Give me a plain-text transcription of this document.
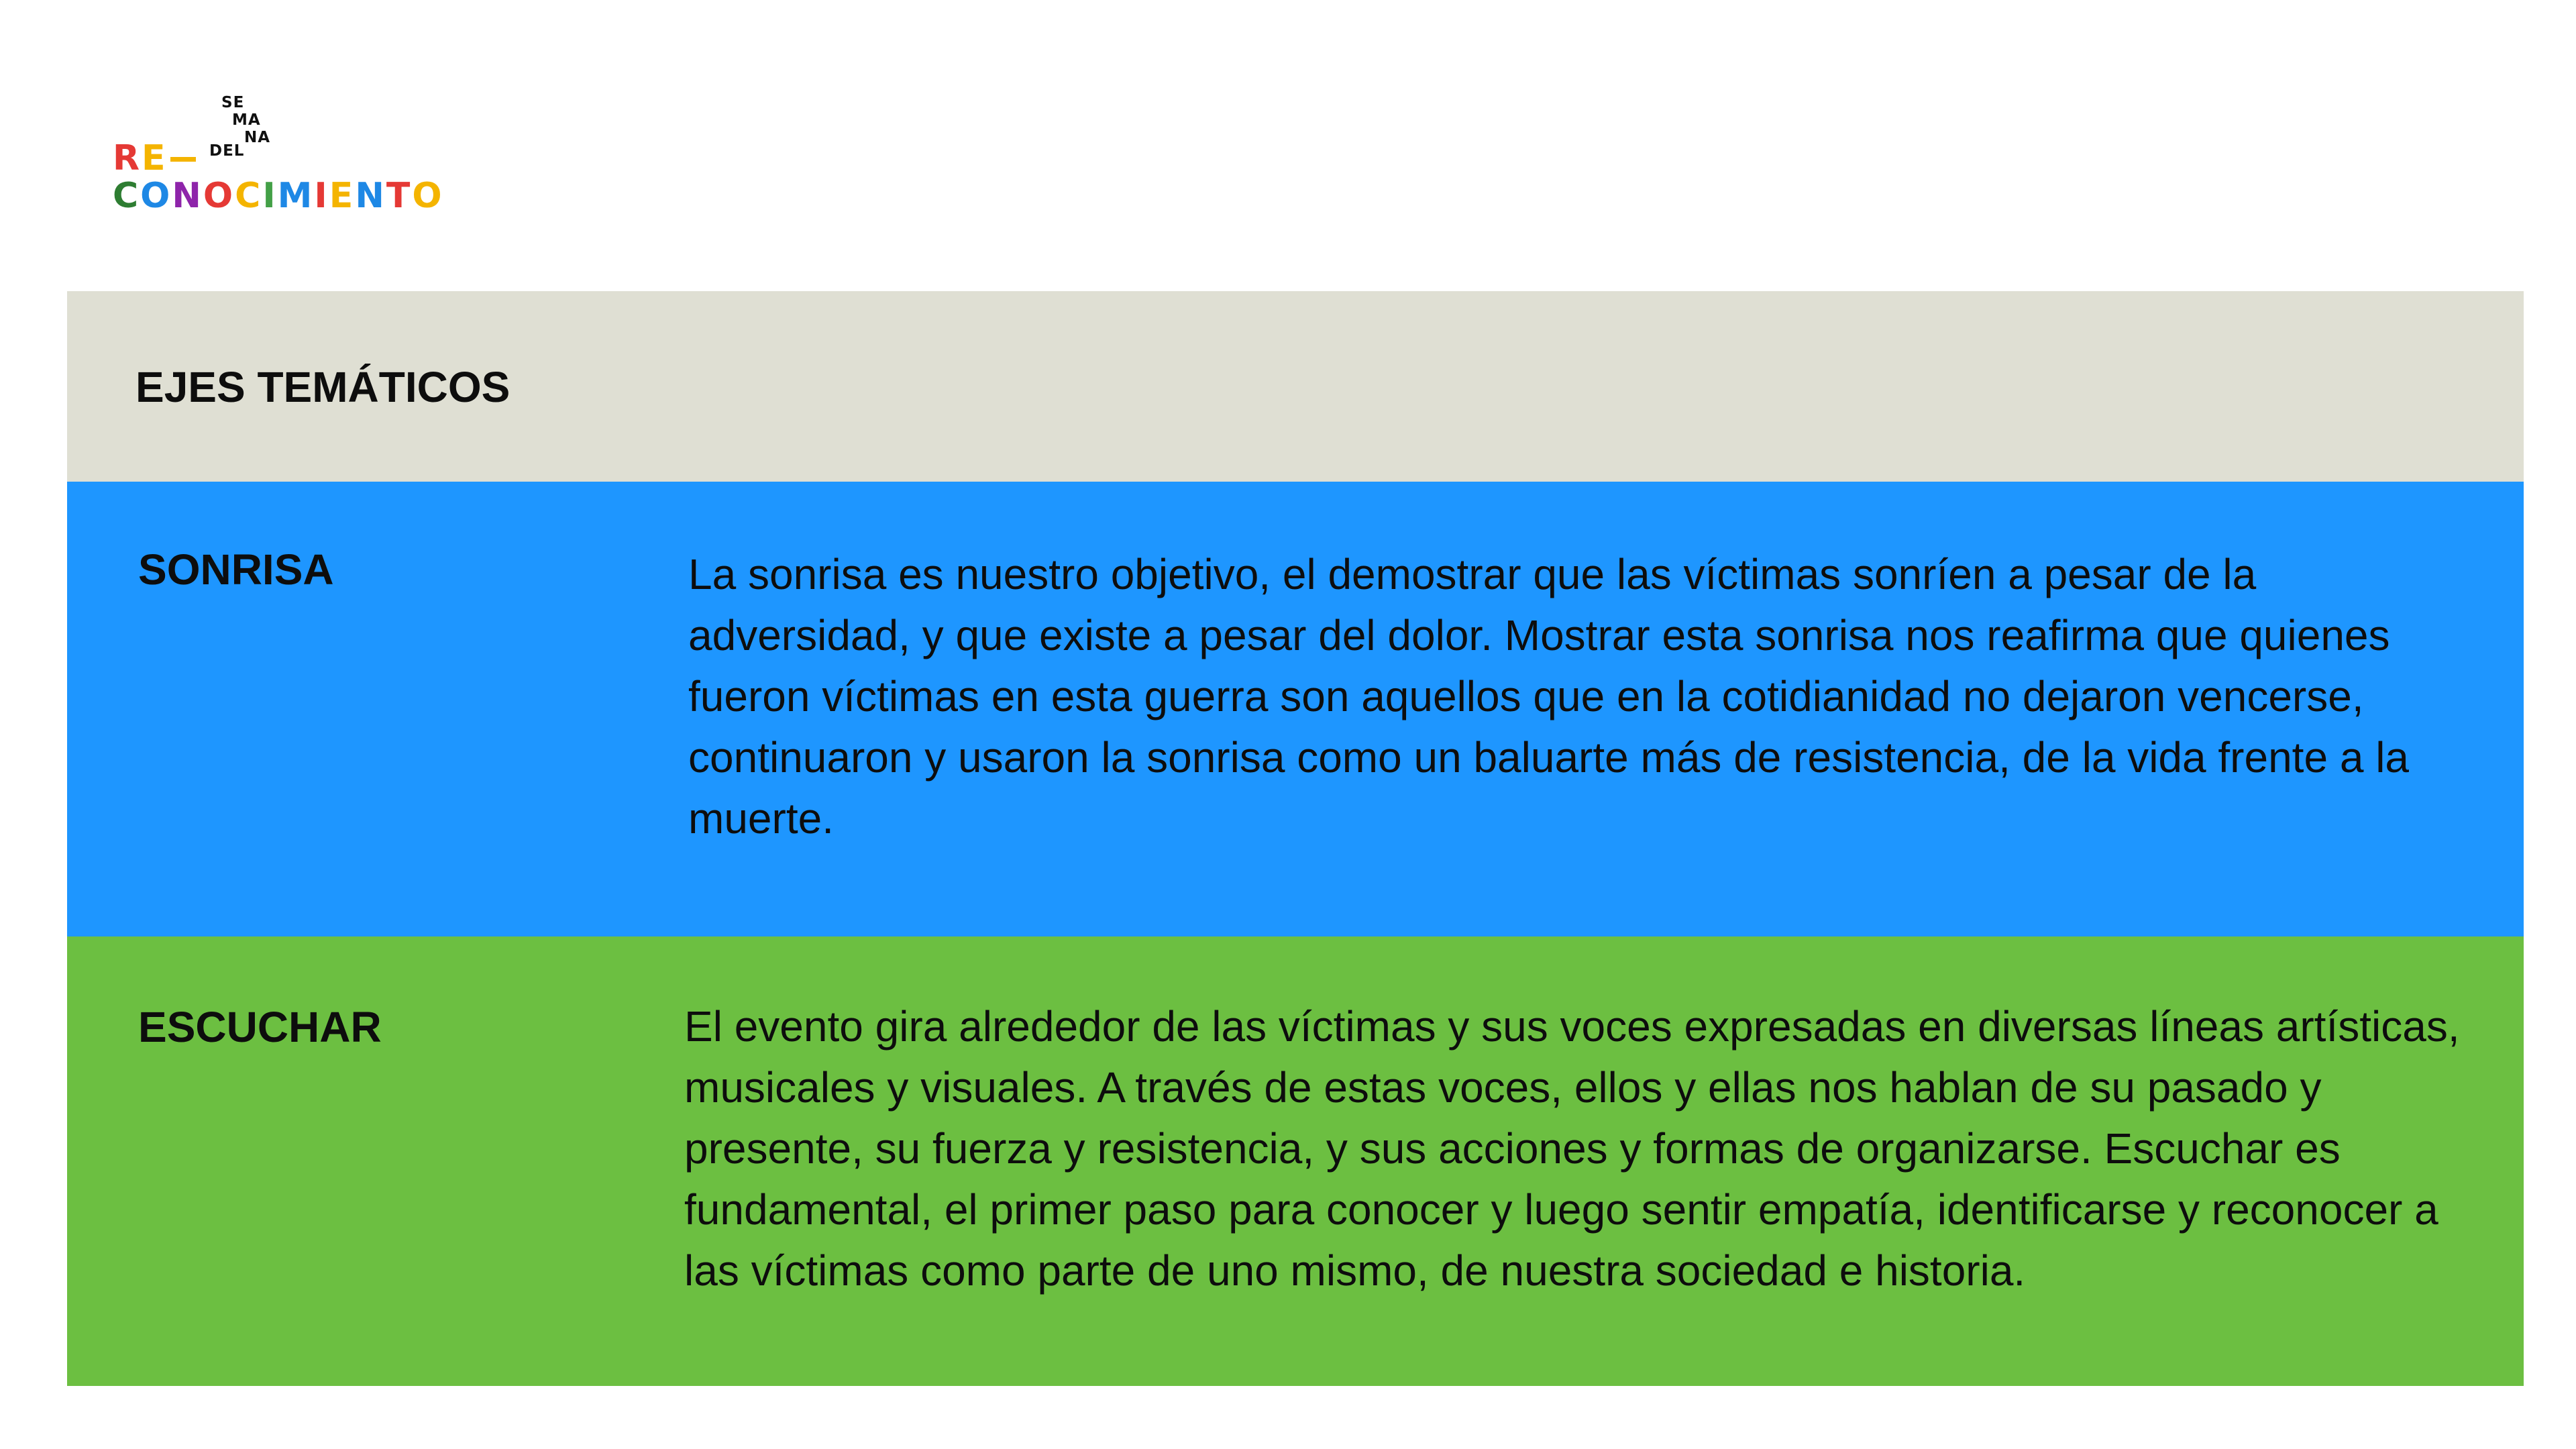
SE
MA
NA
DEL
RE
CONOCIMIENTO
EJES TEMÁTICOS
SONRISA	La sonrisa es nuestro objetivo, el demostrar que las víctimas sonríen a pesar de la adversidad, y que existe a pesar del dolor. Mostrar esta sonrisa nos reafirma que quienes fueron víctimas en esta guerra son aquellos que en la cotidianidad no dejaron vencerse, continuaron y usaron la sonrisa como un baluarte más de resistencia, de la vida frente a la muerte.

ESCUCHAR	El evento gira alrededor de las víctimas y sus voces expresadas en diversas líneas artísticas, musicales y visuales. A través de estas voces, ellos y ellas nos hablan de su pasado y presente, su fuerza y resistencia, y sus acciones y formas de organizarse. Escuchar es fundamental, el primer paso para conocer y luego sentir empatía, identificarse y reconocer a las víctimas como parte de uno mismo, de nuestra sociedad e historia.
